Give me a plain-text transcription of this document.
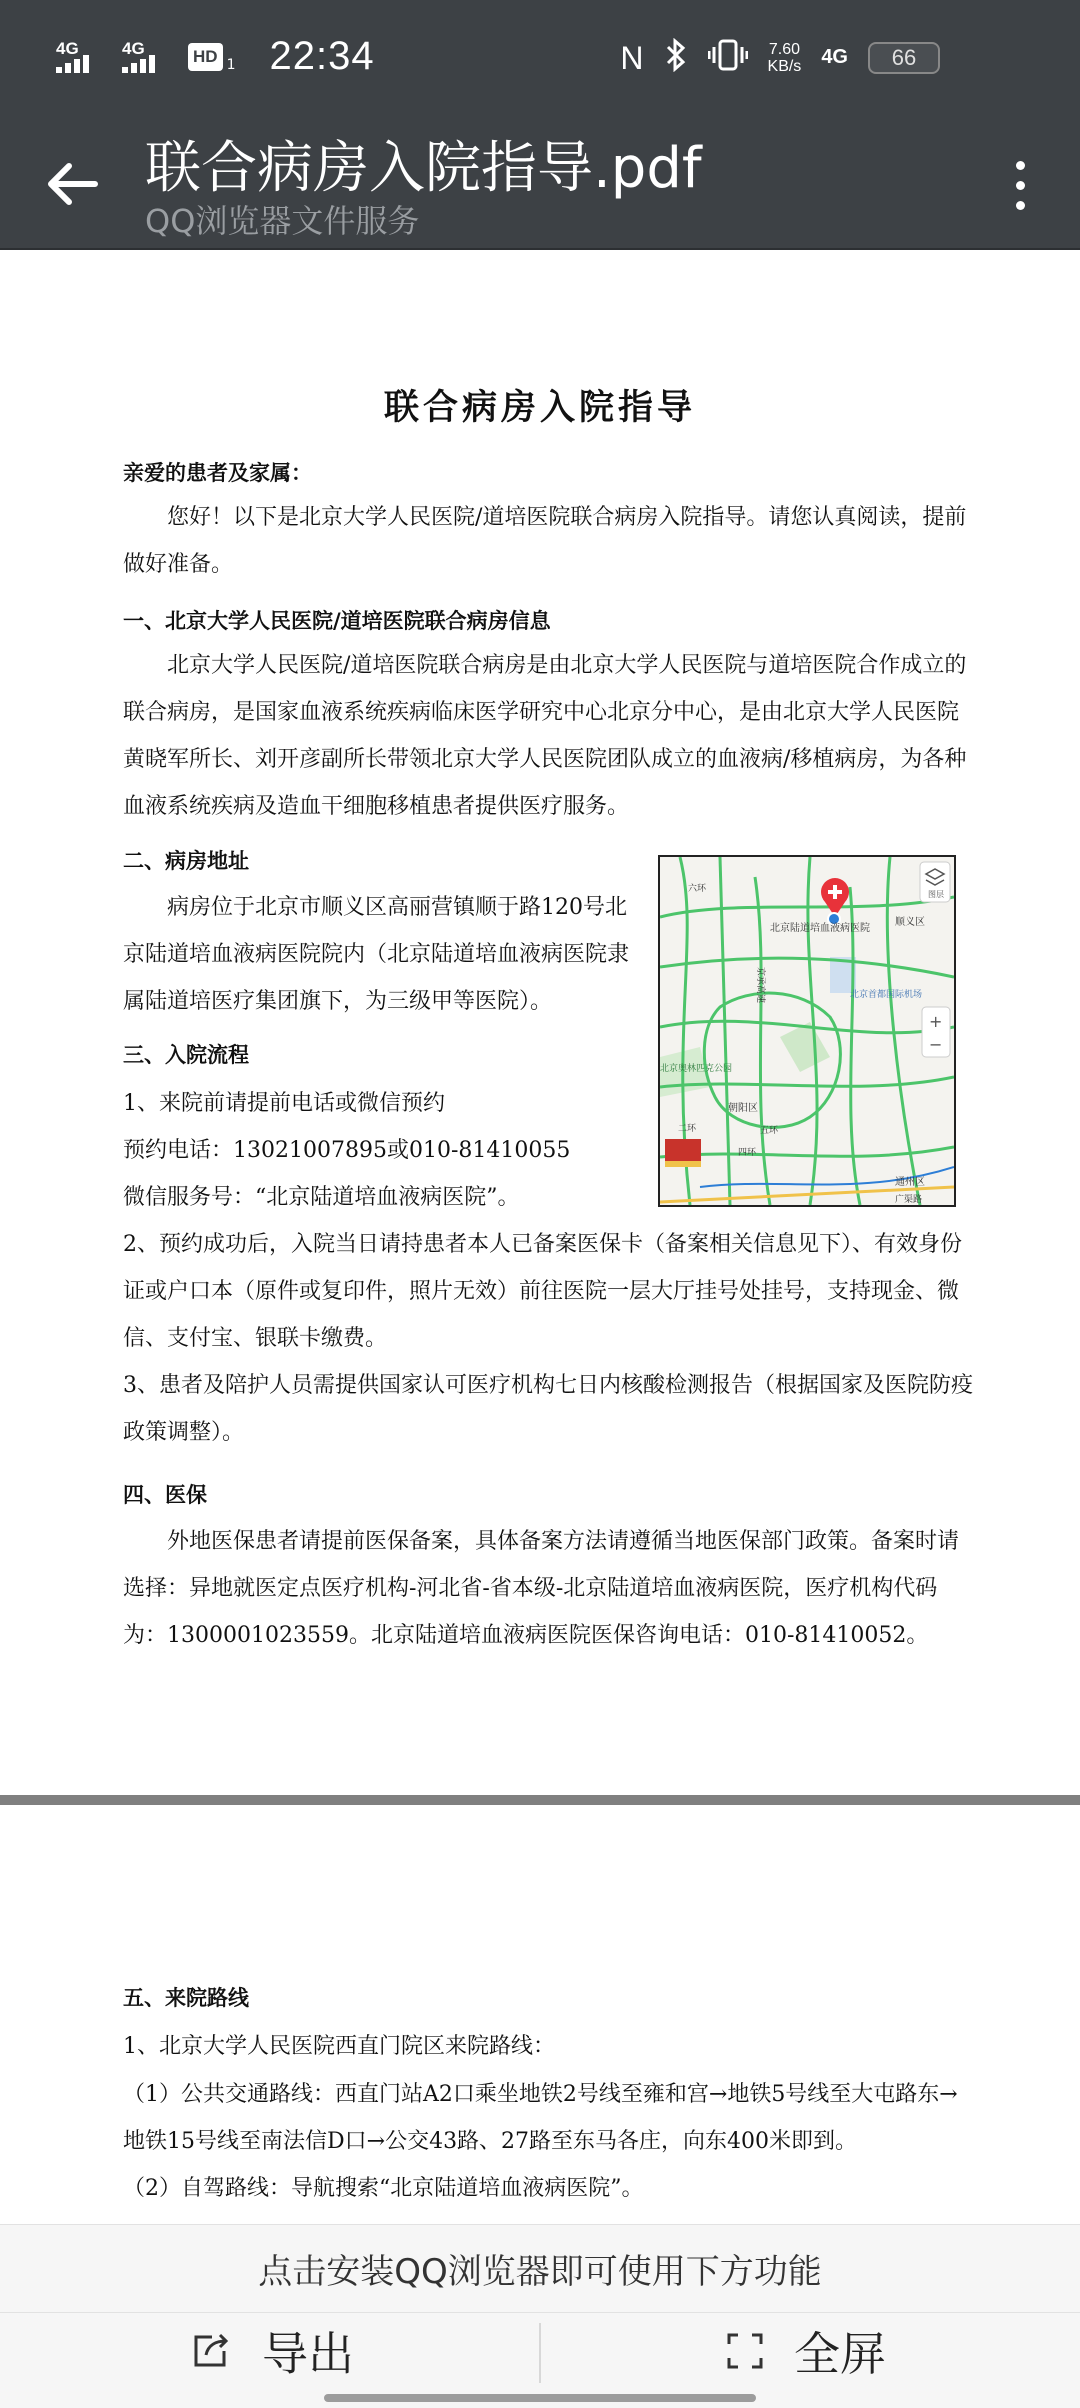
4G	4G	HD 1 22:34	N	7.60
KB/s 4G 66
联合病房入院指导.pdf
QQ浏览器文件服务
联合病房入院指导
亲爱的患者及家属：
您好！以下是北京大学人民医院/道培医院联合病房入院指导。请您认真阅读，提前做好准备。
一、北京大学人民医院/道培医院联合病房信息
北京大学人民医院/道培医院联合病房是由北京大学人民医院与道培医院合作成立的联合病房，是国家血液系统疾病临床医学研究中心北京分中心，是由北京大学人民医院黄晓军所长、刘开彦副所长带领北京大学人民医院团队成立的血液病/移植病房，为各种血液系统疾病及造血干细胞移植患者提供医疗服务。
二、病房地址
病房位于北京市顺义区高丽营镇顺于路120号北京陆道培血液病医院院内（北京陆道培血液病医院隶属陆道培医疗集团旗下，为三级甲等医院）。
三、入院流程
1、来院前请提前电话或微信预约
预约电话：13021007895或010-81410055
微信服务号：“北京陆道培血液病医院”。
2、预约成功后，入院当日请持患者本人已备案医保卡（备案相关信息见下）、有效身份证或户口本（原件或复印件，照片无效）前往医院一层大厅挂号处挂号，支持现金、微信、支付宝、银联卡缴费。
3、患者及陪护人员需提供国家认可医疗机构七日内核酸检测报告（根据国家及医院防疫政策调整）。
四、医保
外地医保患者请提前医保备案，具体备案方法请遵循当地医保部门政策。备案时请选择：异地就医定点医疗机构-河北省-省本级-北京陆道培血液病医院，医疗机构代码为：1300001023559。北京陆道培血液病医院医保咨询电话：010-81410052。
北京陆道培血液病医院
顺义区
北京首都国际机场
六环
北京奥林匹克公园
朝阳区
五环
四环
二环
通州区
广渠路
京承高速
图层
+
−
五、来院路线
1、北京大学人民医院西直门院区来院路线：
（1）公共交通路线：西直门站A2口乘坐地铁2号线至雍和宫→地铁5号线至大屯路东→地铁15号线至南法信D口→公交43路、27路至东马各庄，向东400米即到。
（2）自驾路线：导航搜索“北京陆道培血液病医院”。
点击安装QQ浏览器即可使用下方功能
导出	全屏
